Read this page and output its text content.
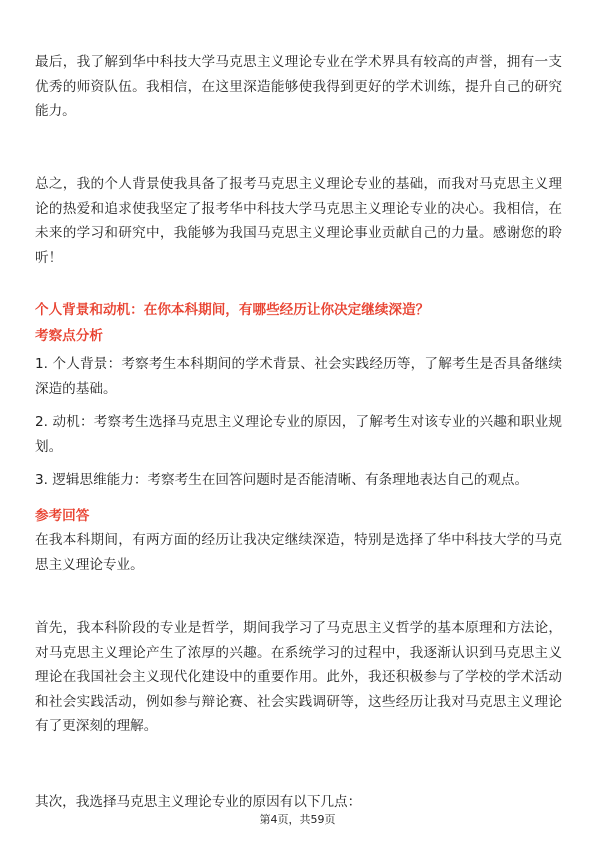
最后，我了解到华中科技大学马克思主义理论专业在学术界具有较高的声誉，拥有一支优秀的师资队伍。我相信，在这里深造能够使我得到更好的学术训练，提升自己的研究能力。

总之，我的个人背景使我具备了报考马克思主义理论专业的基础，而我对马克思主义理论的热爱和追求使我坚定了报考华中科技大学马克思主义理论专业的决心。我相信，在未来的学习和研究中，我能够为我国马克思主义理论事业贡献自己的力量。感谢您的聆听！

个人背景和动机：在你本科期间，有哪些经历让你决定继续深造？

考察点分析

1. 个人背景：考察考生本科期间的学术背景、社会实践经历等，了解考生是否具备继续深造的基础。

2. 动机：考察考生选择马克思主义理论专业的原因，了解考生对该专业的兴趣和职业规划。

3. 逻辑思维能力：考察考生在回答问题时是否能清晰、有条理地表达自己的观点。

参考回答

在我本科期间，有两方面的经历让我决定继续深造，特别是选择了华中科技大学的马克思主义理论专业。

首先，我本科阶段的专业是哲学，期间我学习了马克思主义哲学的基本原理和方法论，对马克思主义理论产生了浓厚的兴趣。在系统学习的过程中，我逐渐认识到马克思主义理论在我国社会主义现代化建设中的重要作用。此外，我还积极参与了学校的学术活动和社会实践活动，例如参与辩论赛、社会实践调研等，这些经历让我对马克思主义理论有了更深刻的理解。

其次，我选择马克思主义理论专业的原因有以下几点：

第4页，共59页
